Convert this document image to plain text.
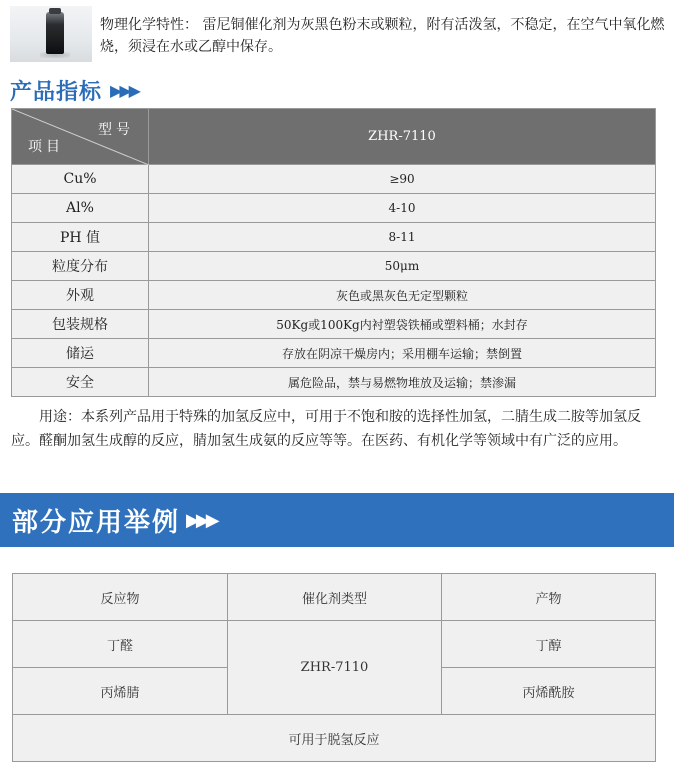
物理化学特性： 雷尼铜催化剂为灰黑色粉末或颗粒，附有活泼氢，不稳定，在空气中氧化燃烧，须浸在水或乙醇中保存。
产品指标 ▶▶▶
型号
项目	ZHR-7110
Cu%	≥90
Al%	4-10
PH 值	8-11
粒度分布	50μm
外观	灰色或黑灰色无定型颗粒
包装规格	50Kg或100Kg内衬塑袋铁桶或塑料桶；水封存
储运	存放在阴凉干燥房内；采用棚车运输；禁倒置
安全	属危险品，禁与易燃物堆放及运输；禁渗漏
用途：本系列产品用于特殊的加氢反应中，可用于不饱和胺的选择性加氢，二腈生成二胺等加氢反应。醛酮加氢生成醇的反应，腈加氢生成氨的反应等等。在医药、有机化学等领域中有广泛的应用。
部分应用举例 ▶▶▶
反应物	催化剂类型	产物
丁醛	ZHR-7110	丁醇
丙烯腈		丙烯酰胺
可用于脱氢反应		
